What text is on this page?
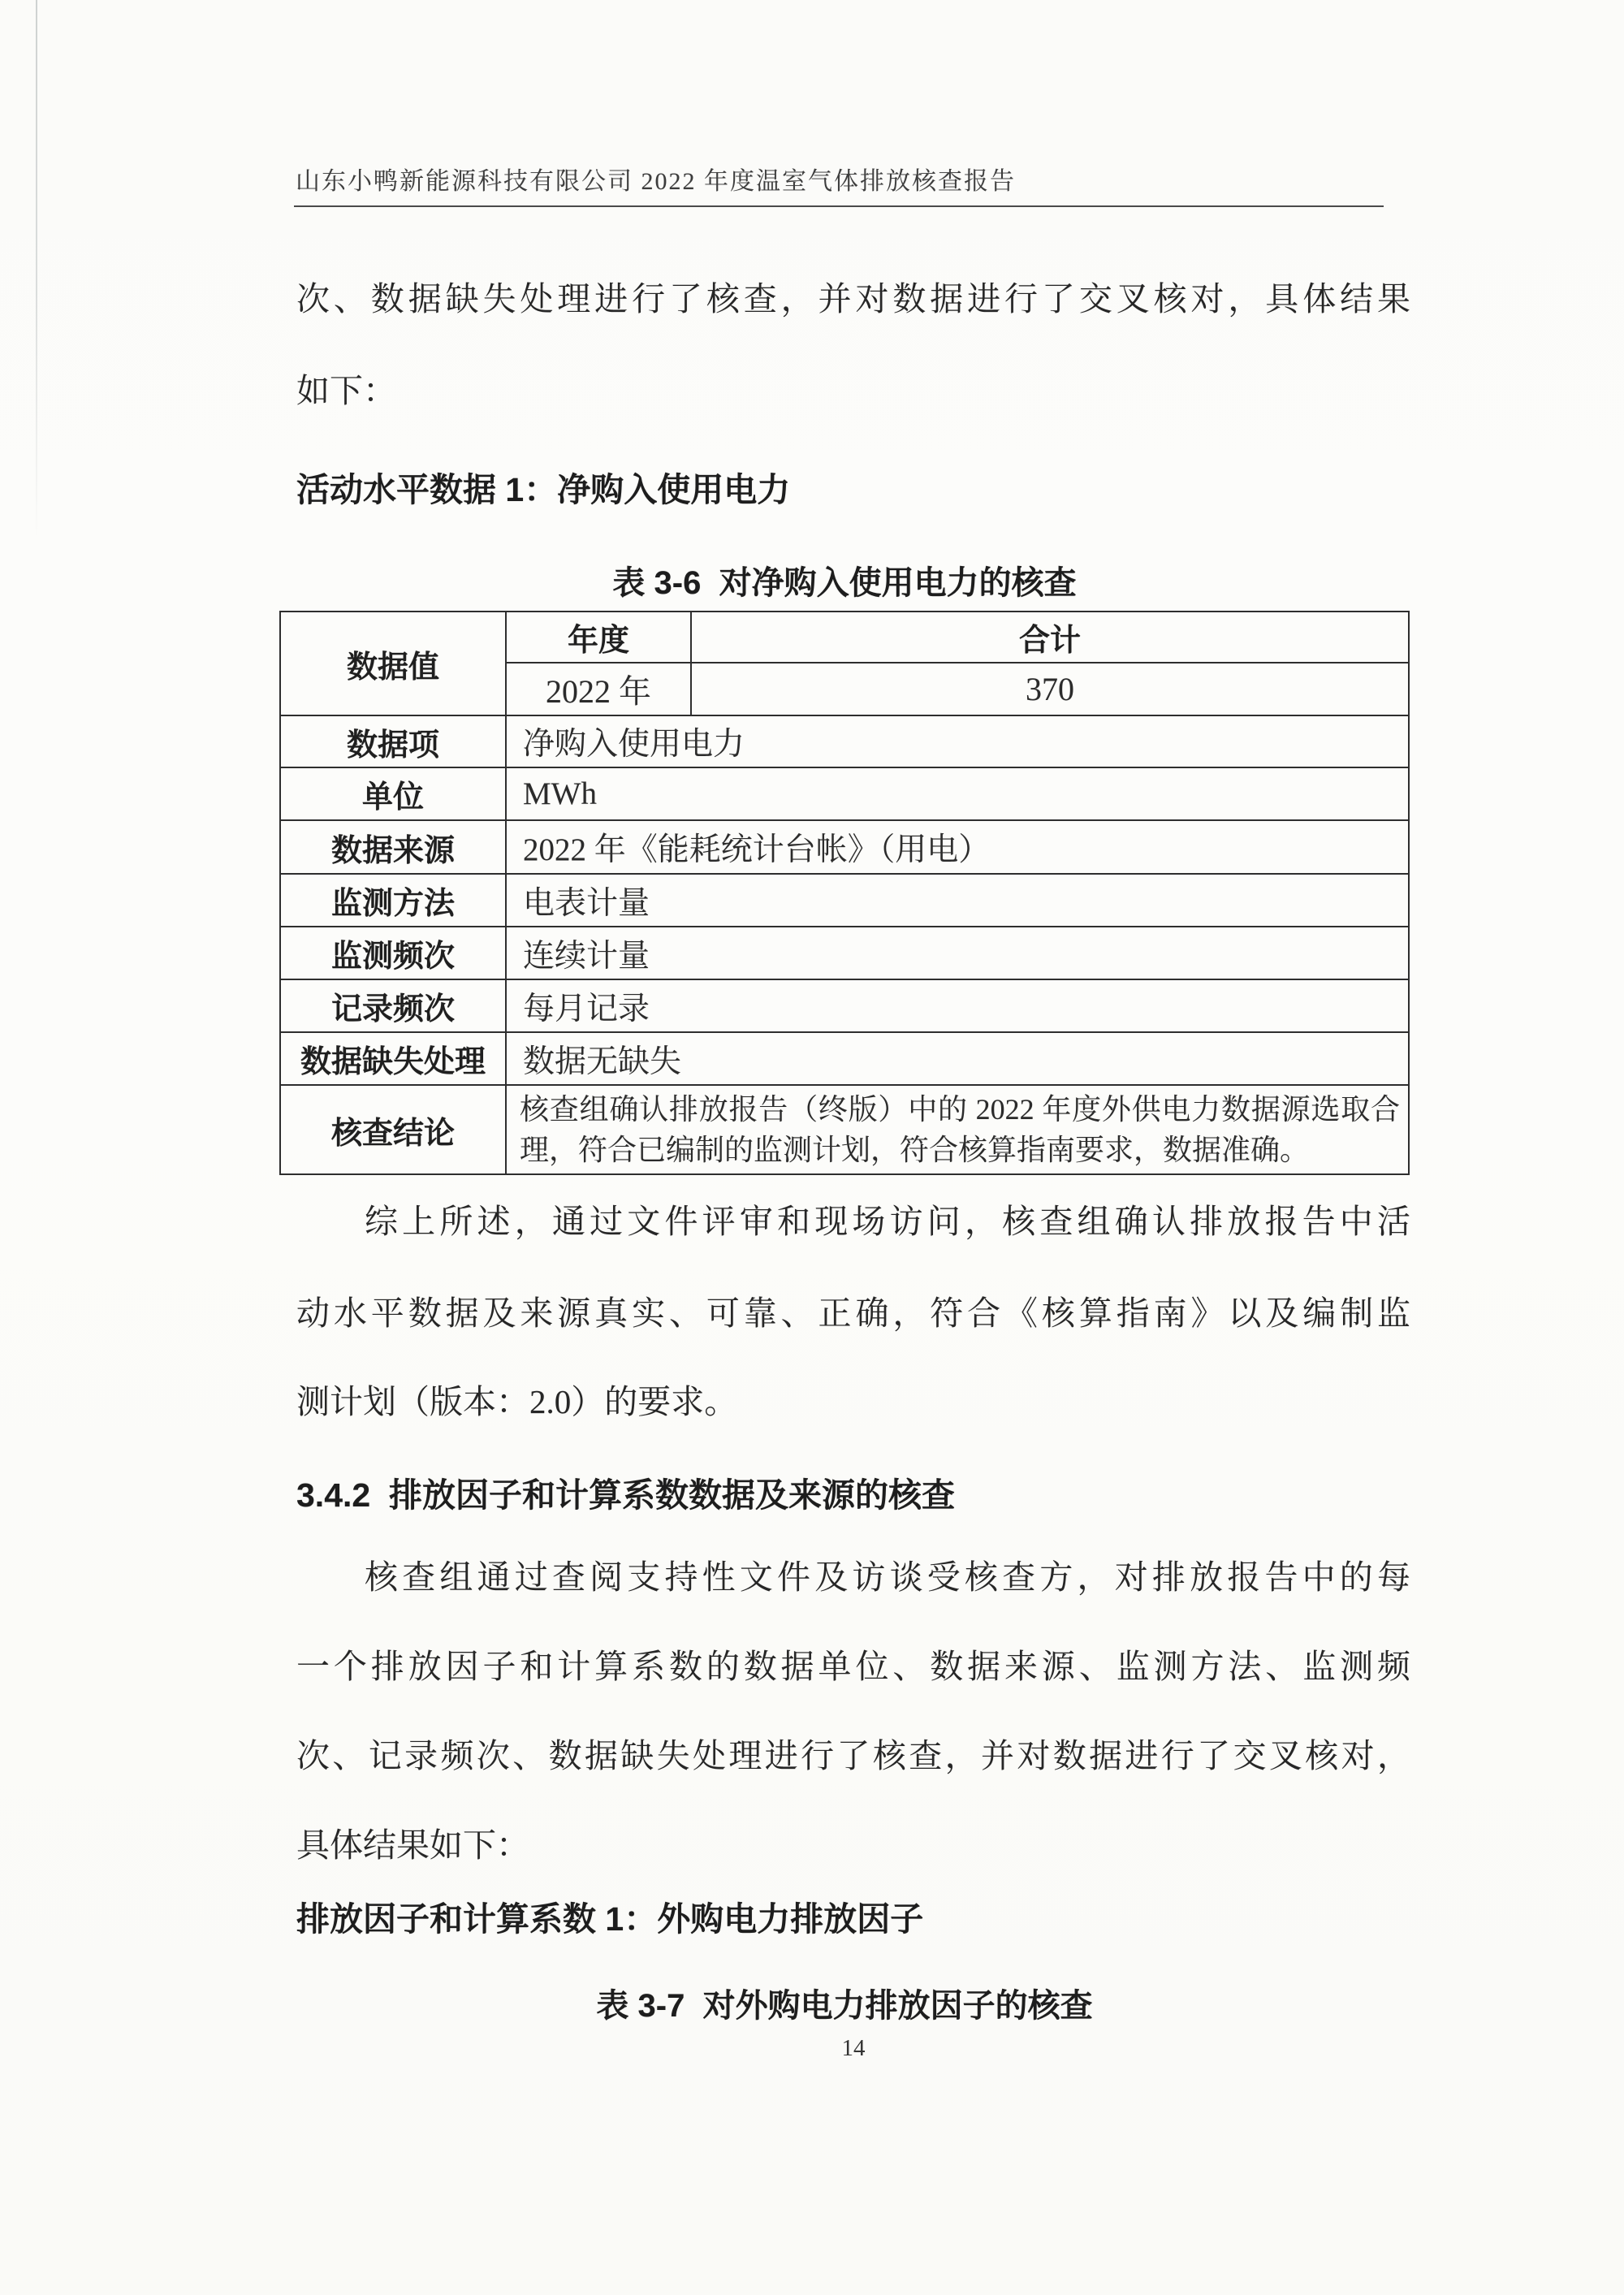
山东小鸭新能源科技有限公司 2022 年度温室气体排放核查报告
次、数据缺失处理进行了核查，并对数据进行了交叉核对，具体结果
如下：
活动水平数据 1：净购入使用电力
表 3-6  对净购入使用电力的核查
数据值	年度	合计
	2022 年	370
数据项	净购入使用电力	
单位	MWh	
数据来源	2022 年《能耗统计台帐》（用电）	
监测方法	电表计量	
监测频次	连续计量	
记录频次	每月记录	
数据缺失处理	数据无缺失	
核查结论	核查组确认排放报告（终版）中的 2022 年度外供电力数据源选取合理，符合已编制的监测计划，符合核算指南要求，数据准确。	
综上所述，通过文件评审和现场访问，核查组确认排放报告中活
动水平数据及来源真实、可靠、正确，符合《核算指南》以及编制监
测计划（版本：2.0）的要求。
3.4.2  排放因子和计算系数数据及来源的核查
核查组通过查阅支持性文件及访谈受核查方，对排放报告中的每
一个排放因子和计算系数的数据单位、数据来源、监测方法、监测频
次、记录频次、数据缺失处理进行了核查，并对数据进行了交叉核对，
具体结果如下：
排放因子和计算系数 1：外购电力排放因子
表 3-7  对外购电力排放因子的核查
14
